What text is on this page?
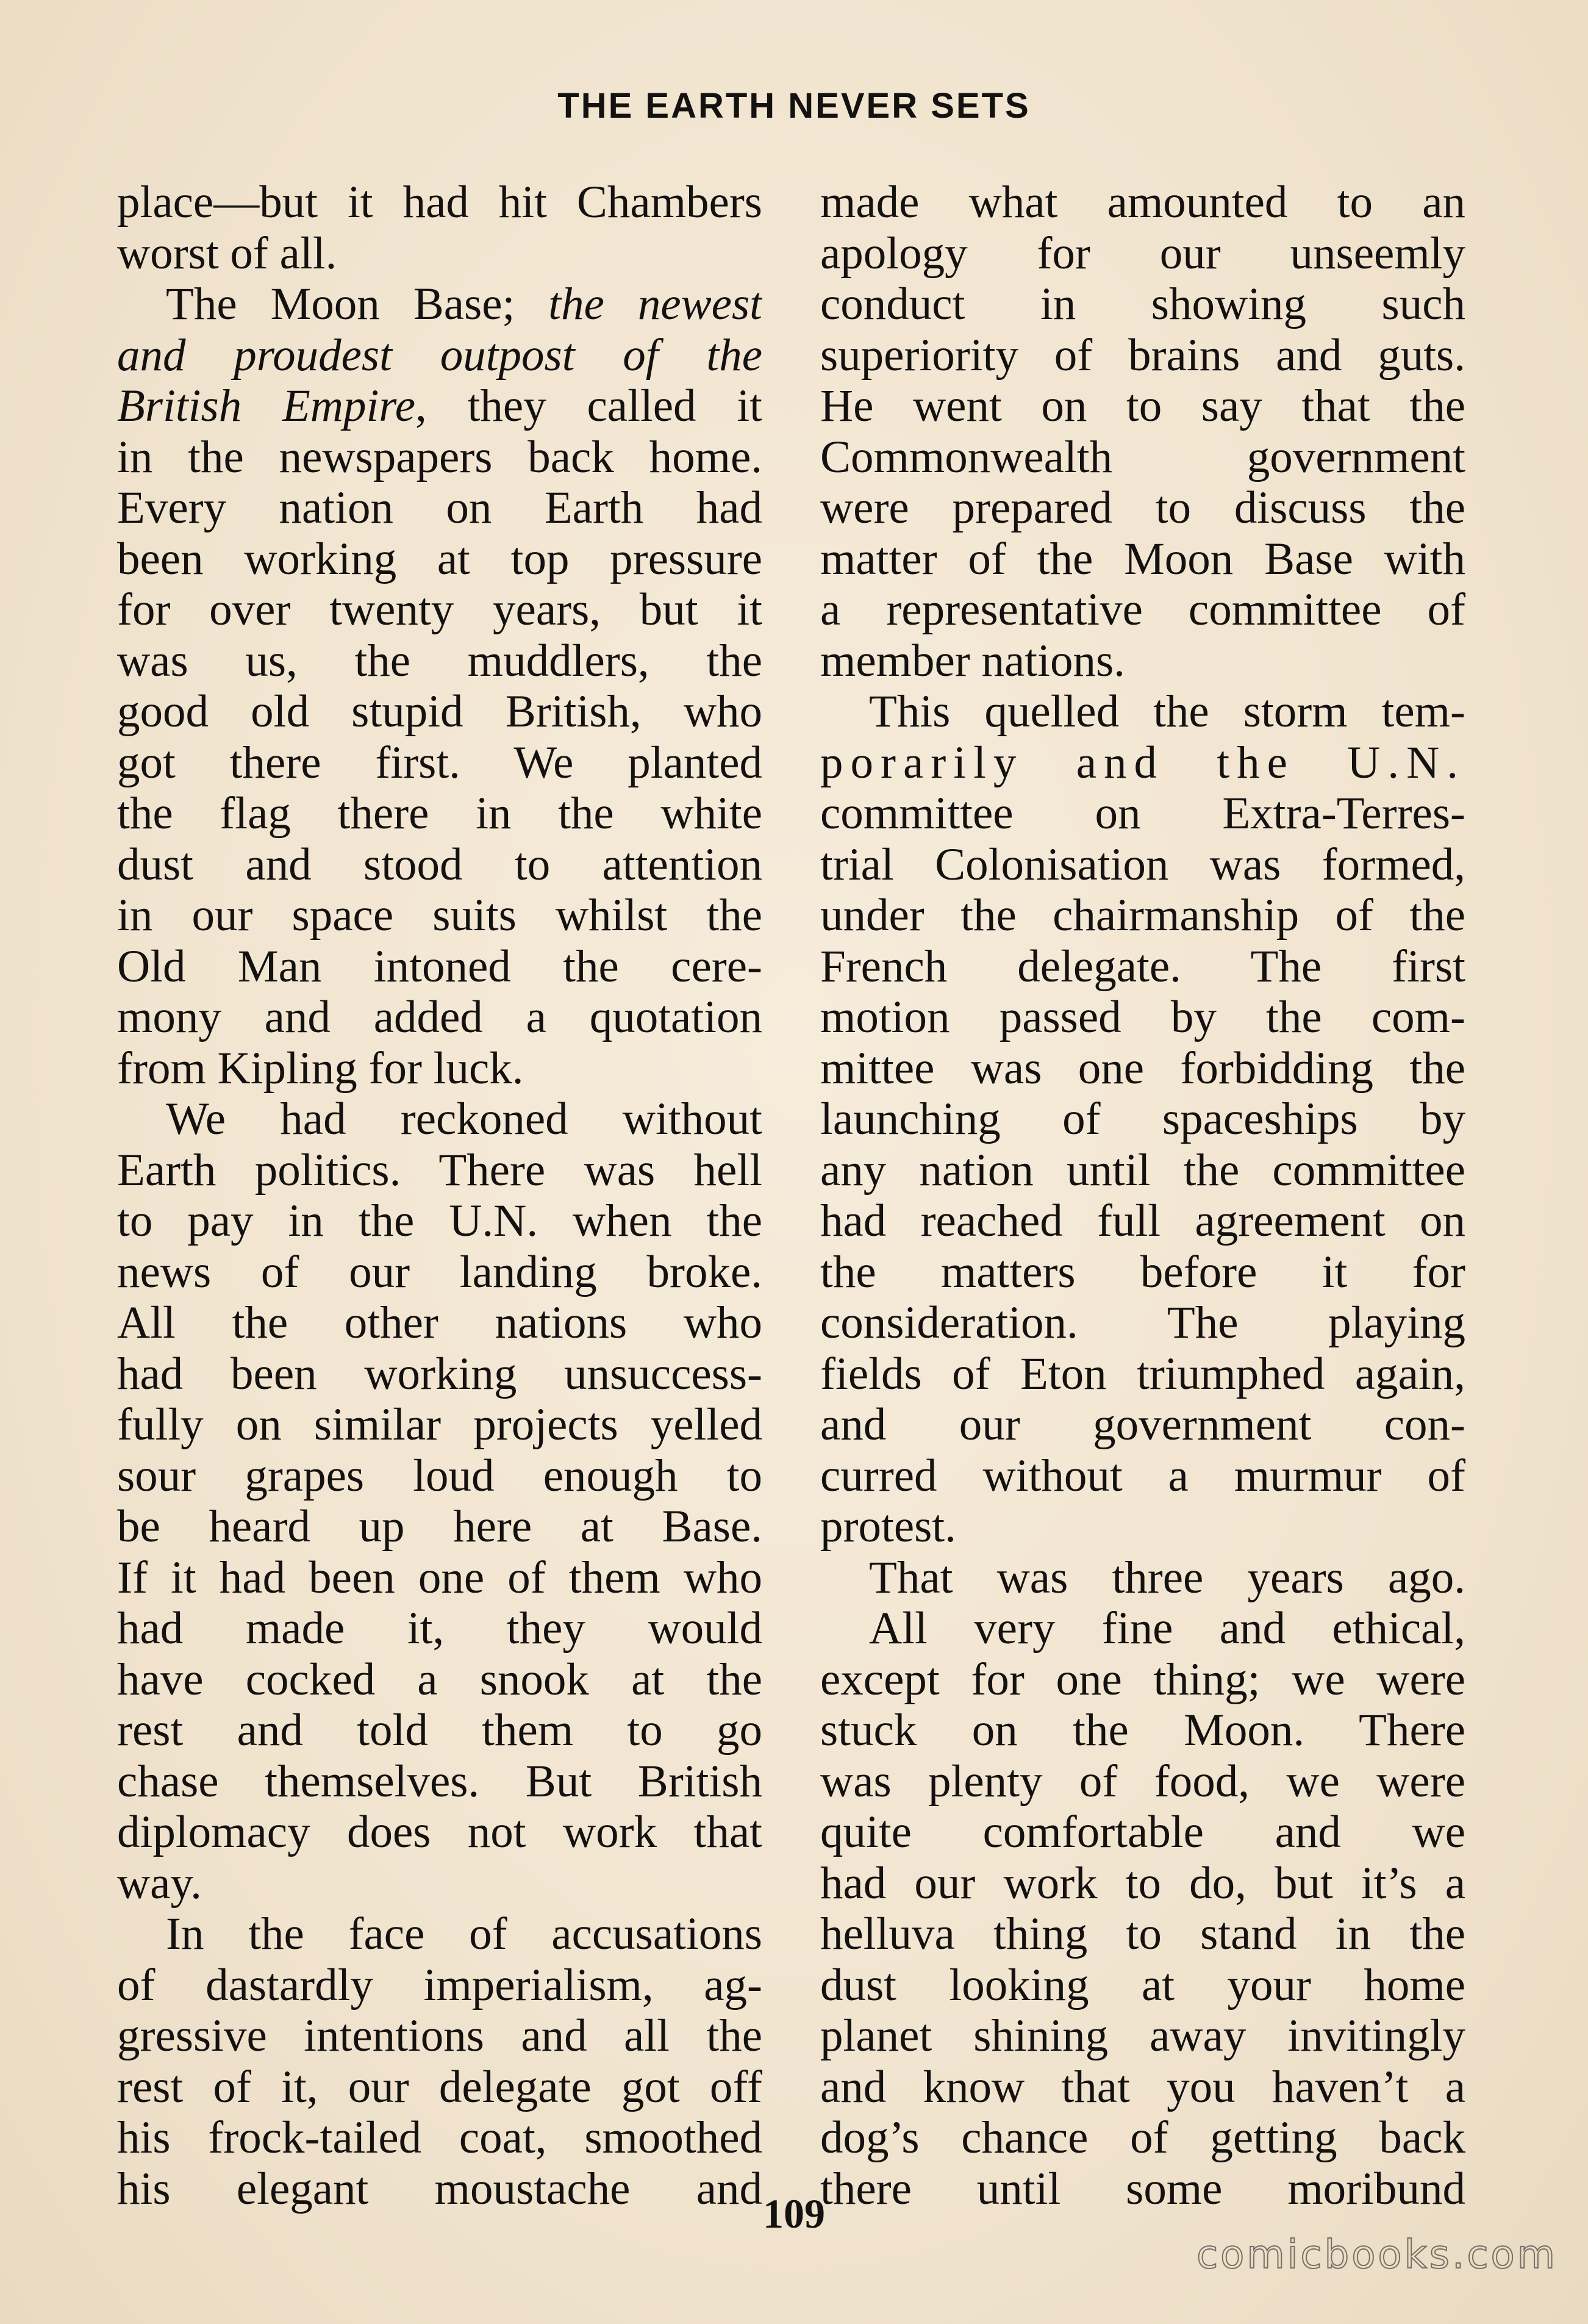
THE EARTH NEVER SETS
place—but it had hit Chambers
worst of all.
The Moon Base; the newest
and proudest outpost of the
British Empire, they called it
in the newspapers back home.
Every nation on Earth had
been working at top pressure
for over twenty years, but it
was us, the muddlers, the
good old stupid British, who
got there first. We planted
the flag there in the white
dust and stood to attention
in our space suits whilst the
Old Man intoned the cere-
mony and added a quotation
from Kipling for luck.
We had reckoned without
Earth politics. There was hell
to pay in the U.N. when the
news of our landing broke.
All the other nations who
had been working unsuccess-
fully on similar projects yelled
sour grapes loud enough to
be heard up here at Base.
If it had been one of them who
had made it, they would
have cocked a snook at the
rest and told them to go
chase themselves. But British
diplomacy does not work that
way.
In the face of accusations
of dastardly imperialism, ag-
gressive intentions and all the
rest of it, our delegate got off
his frock-tailed coat, smoothed
his elegant moustache and
made what amounted to an
apology for our unseemly
conduct in showing such
superiority of brains and guts.
He went on to say that the
Commonwealth government
were prepared to discuss the
matter of the Moon Base with
a representative committee of
member nations.
This quelled the storm tem-
porarily and the U.N.
committee on Extra-Terres-
trial Colonisation was formed,
under the chairmanship of the
French delegate. The first
motion passed by the com-
mittee was one forbidding the
launching of spaceships by
any nation until the committee
had reached full agreement on
the matters before it for
consideration. The playing
fields of Eton triumphed again,
and our government con-
curred without a murmur of
protest.
That was three years ago.
All very fine and ethical,
except for one thing; we were
stuck on the Moon. There
was plenty of food, we were
quite comfortable and we
had our work to do, but it’s a
helluva thing to stand in the
dust looking at your home
planet shining away invitingly
and know that you haven’t a
dog’s chance of getting back
there until some moribund
109
comicbooks.com
